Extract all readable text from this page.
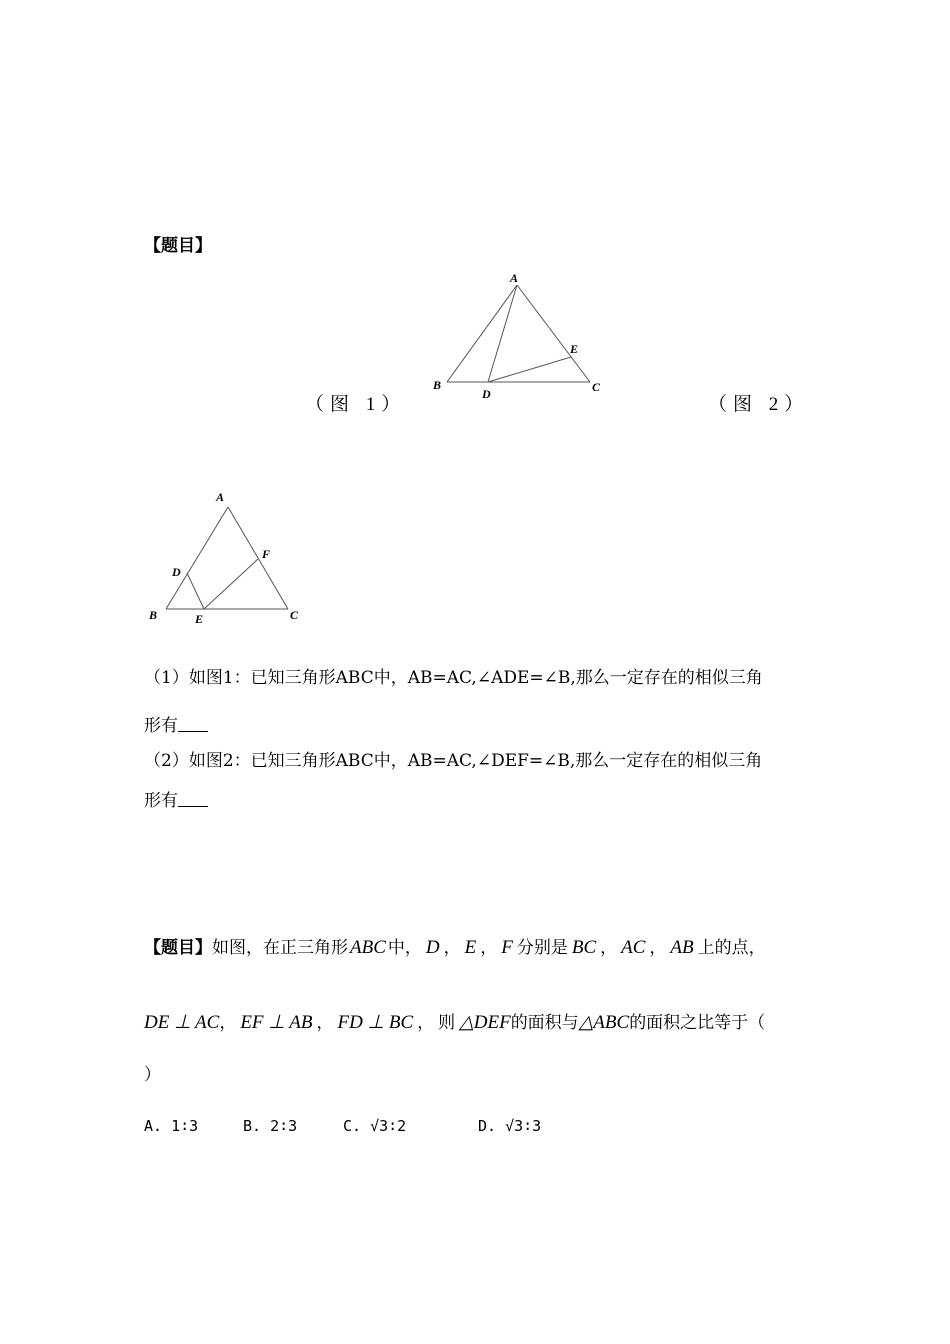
【题目】
（图 1）	（图 2）
A
B	C
D
E
A
B	C
D
E
F
（1）如图1：已知三角形ABC中，AB=AC,∠ADE=∠B,那么一定存在的相似三角
形有
（2）如图2：已知三角形ABC中，AB=AC,∠DEF=∠B,那么一定存在的相似三角
形有
【题目】如图，在正三角形 ABC 中， D ， E ， F 分别是 BC ， AC ， AB 上的点，
DE ⊥ AC， EF ⊥ AB ， FD ⊥ BC ， 则 △DEF的面积与△ABC的面积之比等于（
）
A. 1∶3	B. 2∶3	C. √3∶2	D. √3∶3
